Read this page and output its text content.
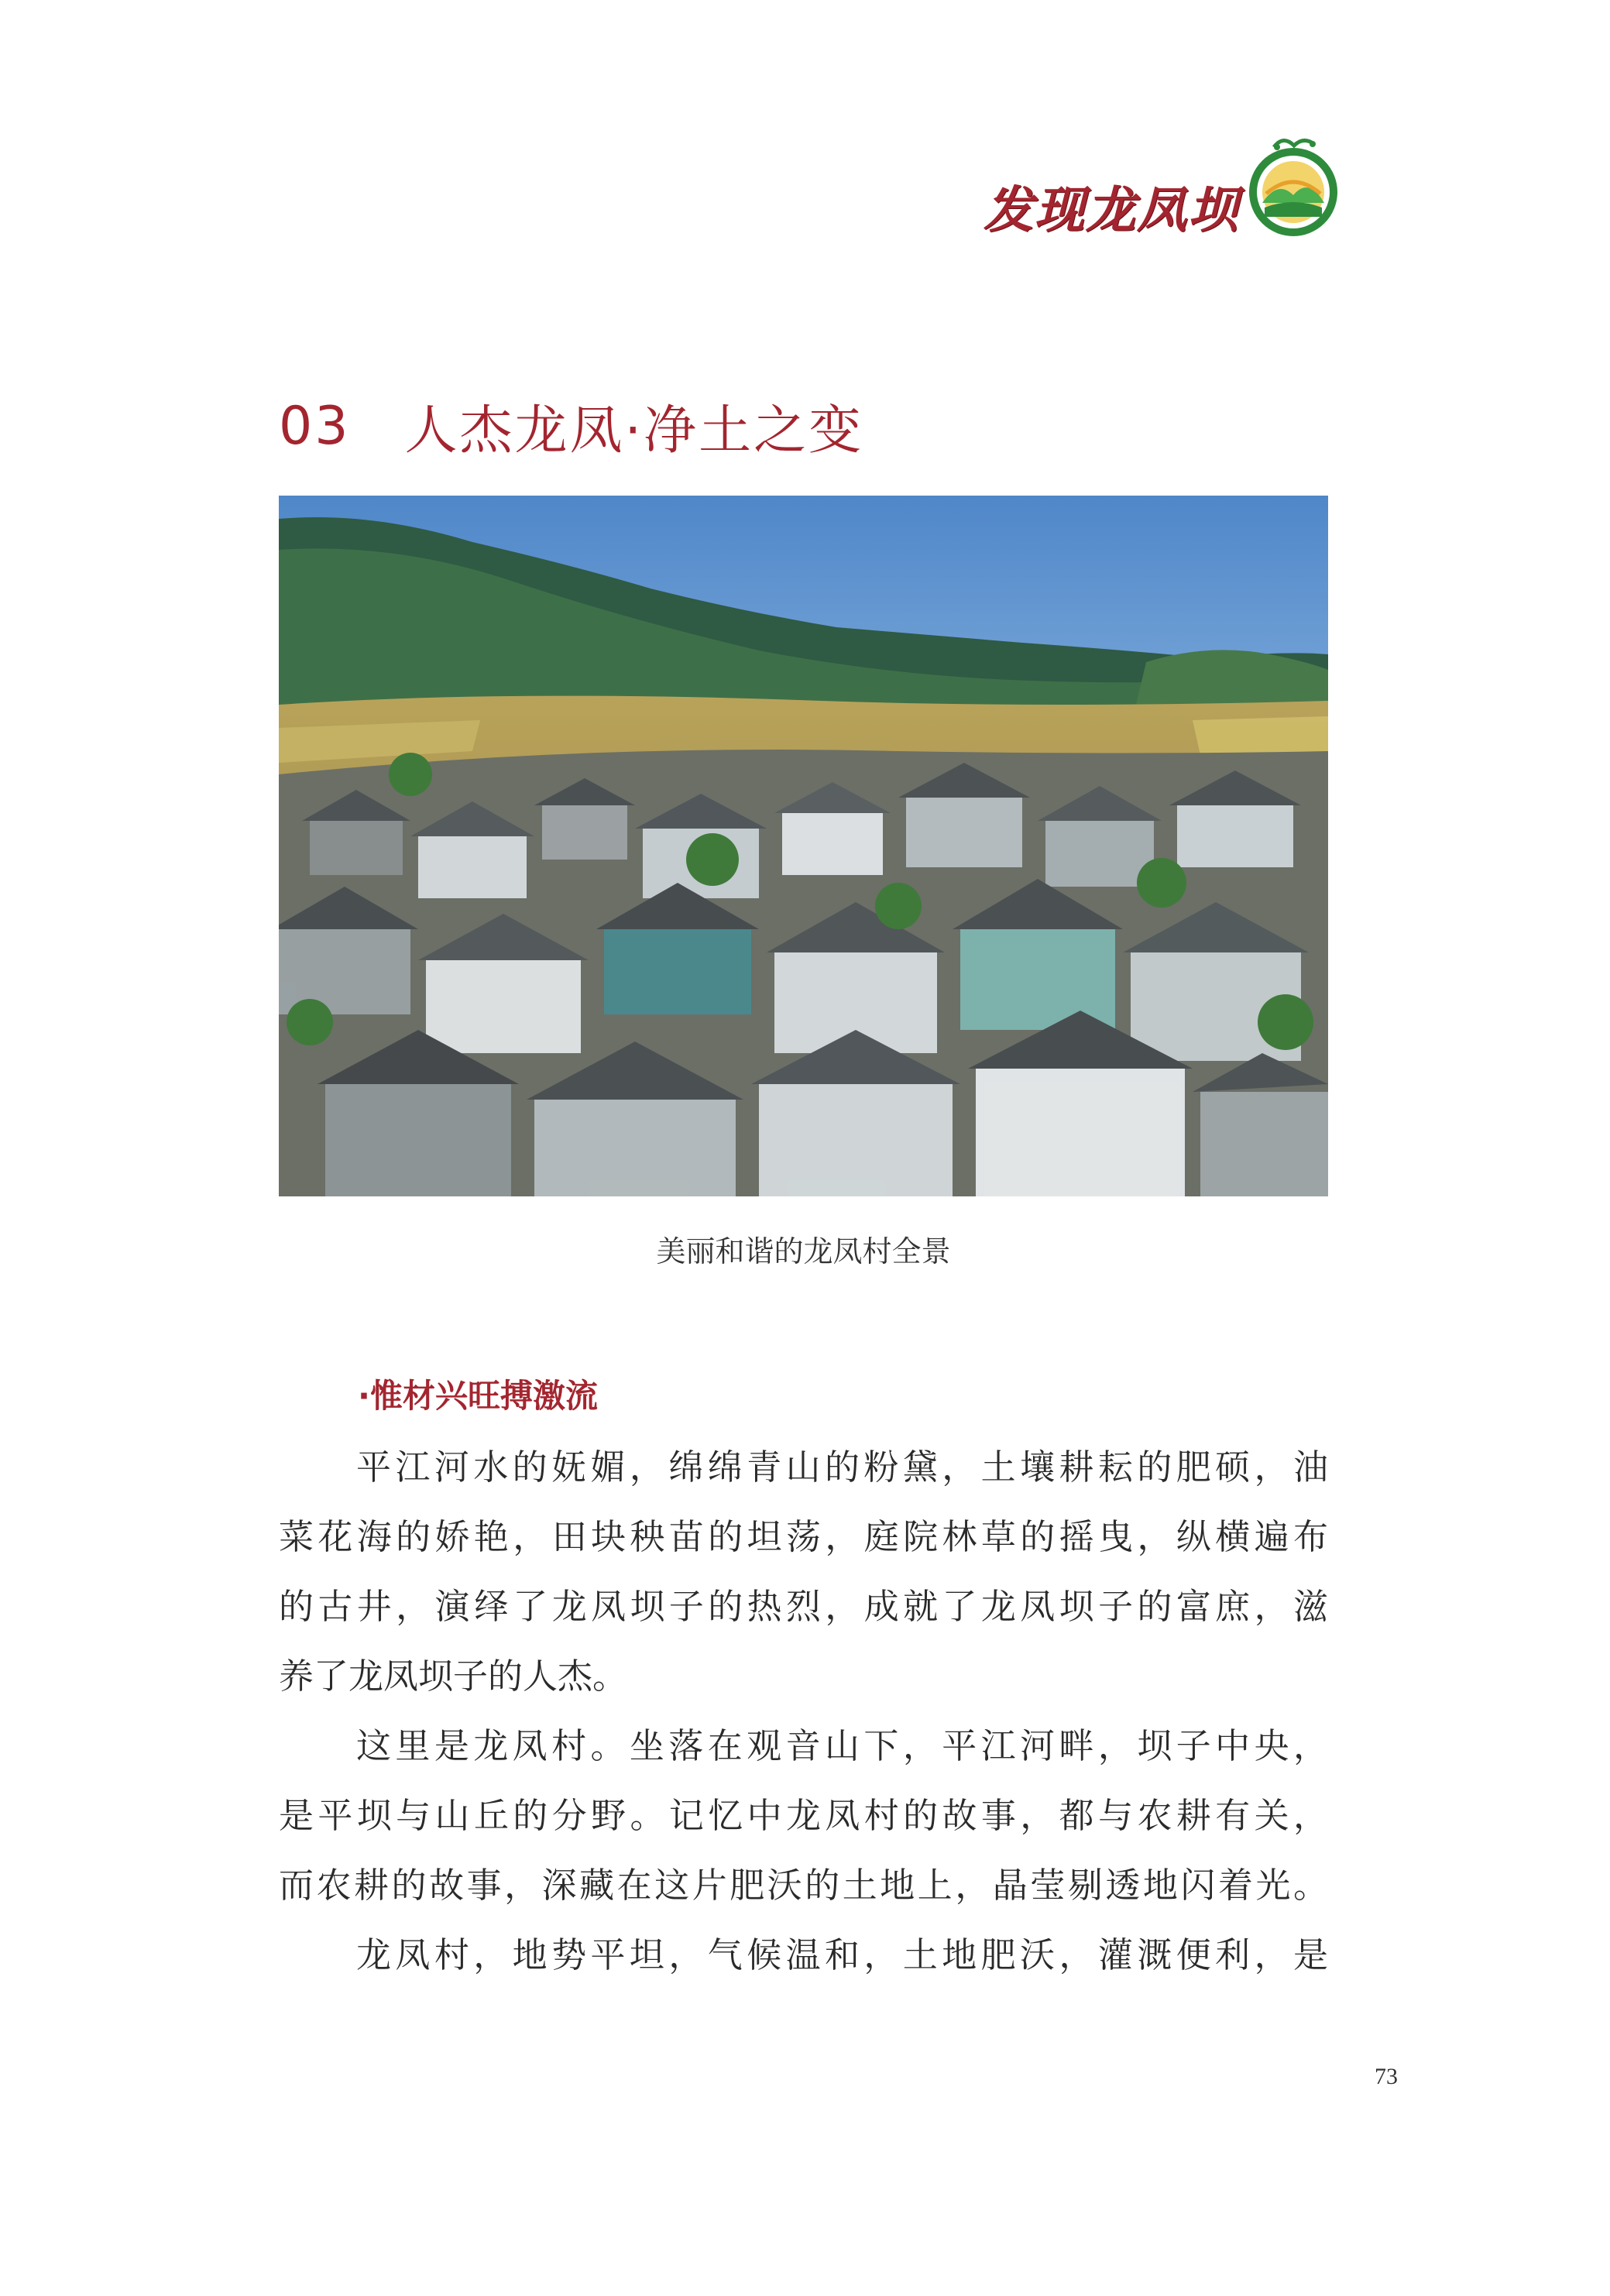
发现龙凤坝
03 人杰龙凤·净土之变
美丽和谐的龙凤村全景
·惟材兴旺搏激流
平江河水的妩媚，绵绵青山的粉黛，土壤耕耘的肥硕，油
菜花海的娇艳，田块秧苗的坦荡，庭院林草的摇曳，纵横遍布
的古井，演绎了龙凤坝子的热烈，成就了龙凤坝子的富庶，滋
养了龙凤坝子的人杰。
这里是龙凤村。坐落在观音山下，平江河畔，坝子中央，
是平坝与山丘的分野。记忆中龙凤村的故事，都与农耕有关，
而农耕的故事，深藏在这片肥沃的土地上，晶莹剔透地闪着光。
龙凤村，地势平坦，气候温和，土地肥沃，灌溉便利，是
73
